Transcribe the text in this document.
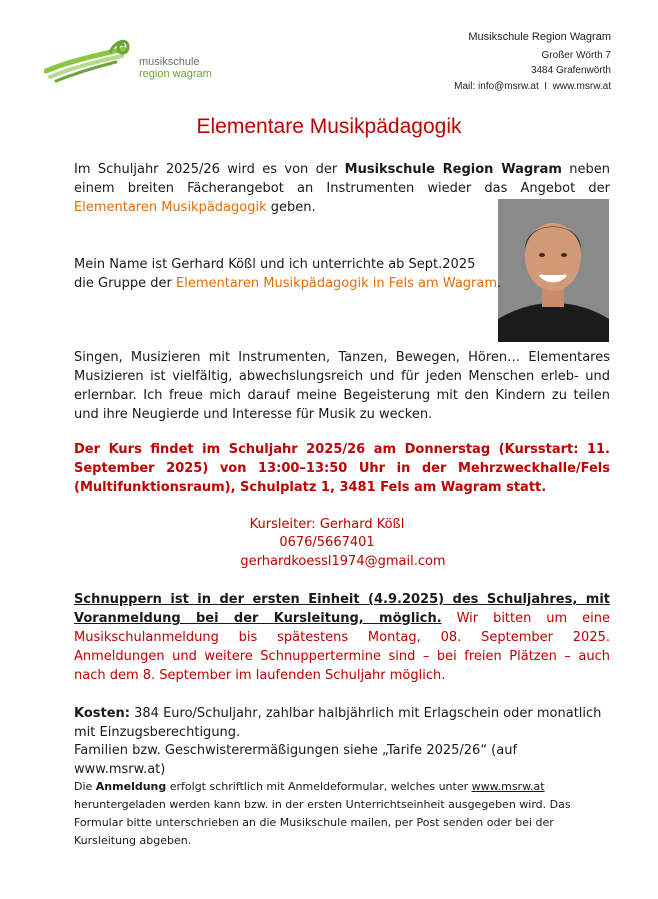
musikschule
region wagram
Musikschule Region Wagram
Großer Wörth 7
3484 Grafenwörth
Mail: info@msrw.at  I  www.msrw.at
Elementare Musikpädagogik
Im Schuljahr 2025/26 wird es von der Musikschule Region Wagram neben einem breiten Fächerangebot an Instrumenten wieder das Angebot der Elementaren Musikpädagogik geben.
Mein Name ist Gerhard Kößl und ich unterrichte ab Sept.2025
die Gruppe der Elementaren Musikpädagogik in Fels am Wagram.
Singen, Musizieren mit Instrumenten, Tanzen, Bewegen, Hören… Elementares Musizieren ist vielfältig, abwechslungsreich und für jeden Menschen erleb- und erlernbar. Ich freue mich darauf meine Begeisterung mit den Kindern zu teilen und ihre Neugierde und Interesse für Musik zu wecken.
Der Kurs findet im Schuljahr 2025/26 am Donnerstag (Kursstart: 11. September 2025) von 13:00–13:50 Uhr in der Mehrzweckhalle/Fels (Multifunktionsraum), Schulplatz 1, 3481 Fels am Wagram statt.
Kursleiter: Gerhard Kößl
0676/5667401
gerhardkoessl1974@gmail.com
Schnuppern ist in der ersten Einheit (4.9.2025) des Schuljahres, mit Voranmeldung bei der Kursleitung, möglich. Wir bitten um eine Musikschulanmeldung bis spätestens Montag, 08. September 2025. Anmeldungen und weitere Schnuppertermine sind – bei freien Plätzen – auch nach dem 8. September im laufenden Schuljahr möglich.
Kosten: 384 Euro/Schuljahr, zahlbar halbjährlich mit Erlagschein oder monatlich mit Einzugsberechtigung.
Familien bzw. Geschwisterermäßigungen siehe „Tarife 2025/26“ (auf www.msrw.at)
Die Anmeldung erfolgt schriftlich mit Anmeldeformular, welches unter www.msrw.at heruntergeladen werden kann bzw. in der ersten Unterrichtseinheit ausgegeben wird. Das Formular bitte unterschrieben an die Musikschule mailen, per Post senden oder bei der Kursleitung abgeben.
